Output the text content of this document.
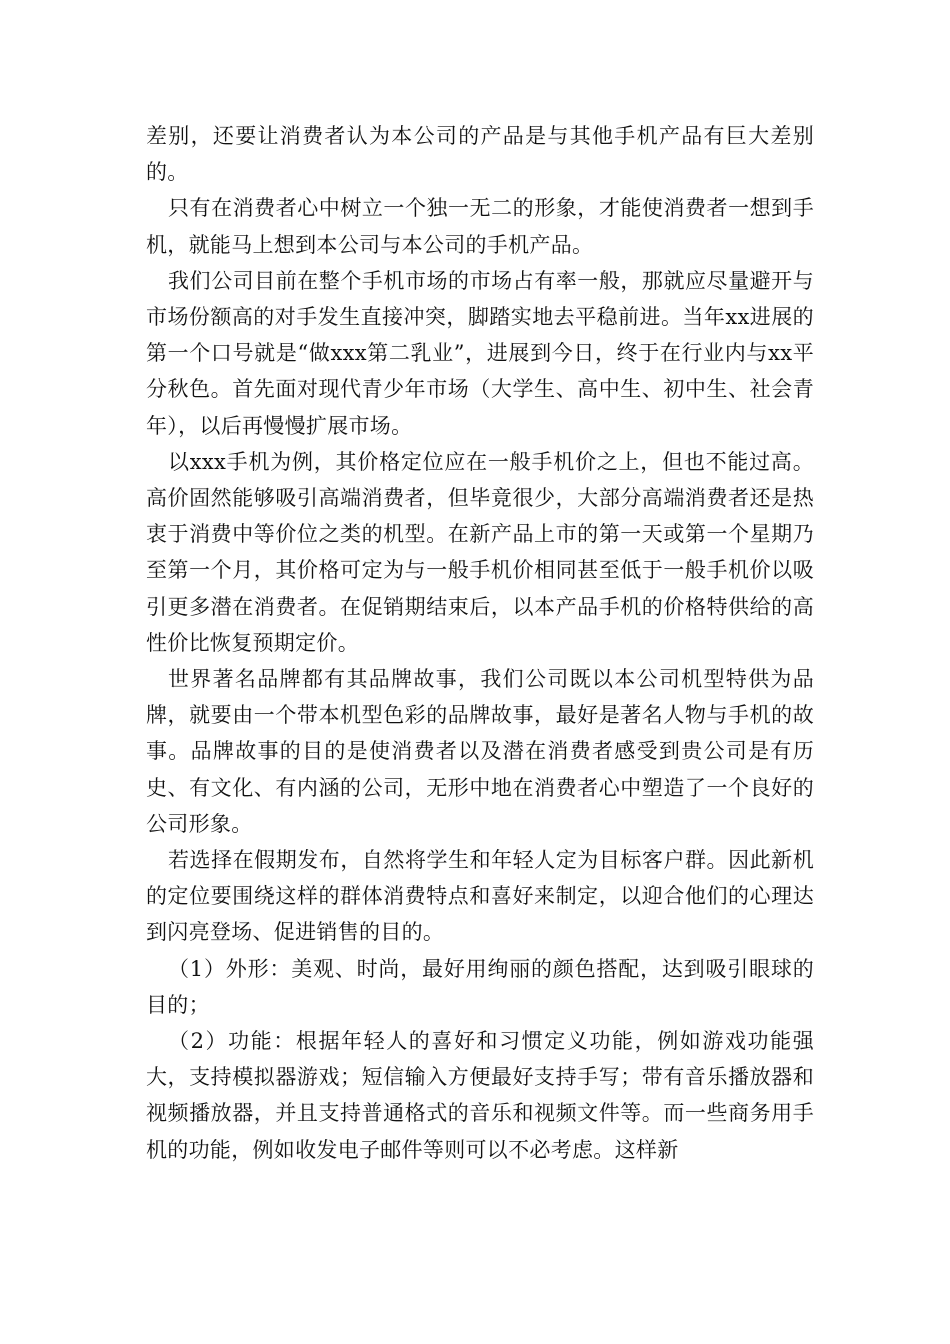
差别，还要让消费者认为本公司的产品是与其他手机产品有巨大差别的。

只有在消费者心中树立一个独一无二的形象，才能使消费者一想到手机，就能马上想到本公司与本公司的手机产品。

我们公司目前在整个手机市场的市场占有率一般，那就应尽量避开与市场份额高的对手发生直接冲突，脚踏实地去平稳前进。当年xx进展的第一个口号就是“做xxx第二乳业”，进展到今日，终于在行业内与xx平分秋色。首先面对现代青少年市场（大学生、高中生、初中生、社会青年），以后再慢慢扩展市场。

以xxx手机为例，其价格定位应在一般手机价之上，但也不能过高。高价固然能够吸引高端消费者，但毕竟很少，大部分高端消费者还是热衷于消费中等价位之类的机型。在新产品上市的第一天或第一个星期乃至第一个月，其价格可定为与一般手机价相同甚至低于一般手机价以吸引更多潜在消费者。在促销期结束后，以本产品手机的价格特供给的高性价比恢复预期定价。

世界著名品牌都有其品牌故事，我们公司既以本公司机型特供为品牌，就要由一个带本机型色彩的品牌故事，最好是著名人物与手机的故事。品牌故事的目的是使消费者以及潜在消费者感受到贵公司是有历史、有文化、有内涵的公司，无形中地在消费者心中塑造了一个良好的公司形象。

若选择在假期发布，自然将学生和年轻人定为目标客户群。因此新机的定位要围绕这样的群体消费特点和喜好来制定，以迎合他们的心理达到闪亮登场、促进销售的目的。

（1）外形：美观、时尚，最好用绚丽的颜色搭配，达到吸引眼球的目的；

（2）功能：根据年轻人的喜好和习惯定义功能，例如游戏功能强大，支持模拟器游戏；短信输入方便最好支持手写；带有音乐播放器和视频播放器，并且支持普通格式的音乐和视频文件等。而一些商务用手机的功能，例如收发电子邮件等则可以不必考虑。这样新
